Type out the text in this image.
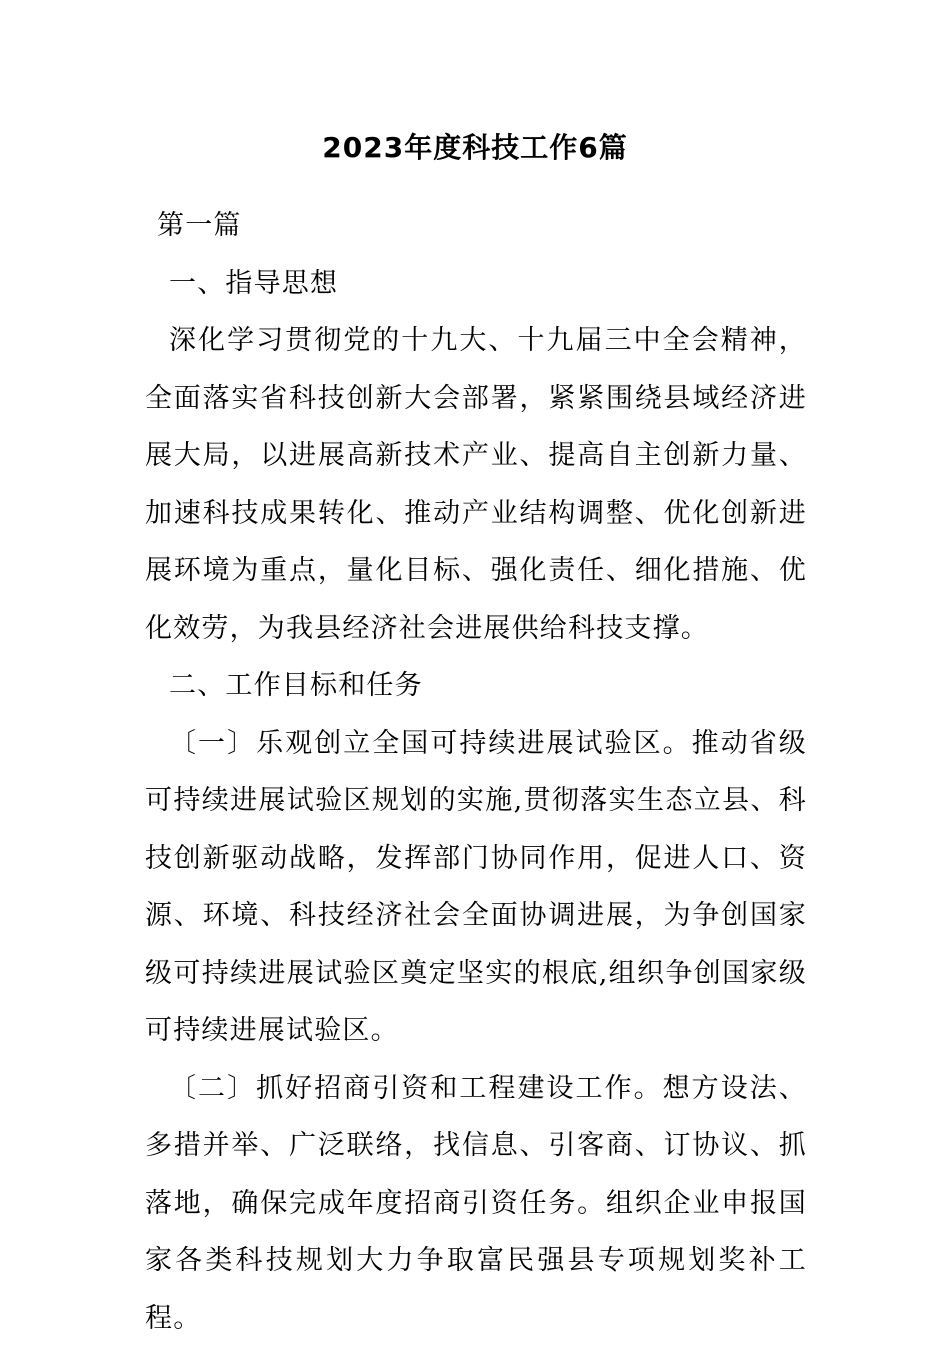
2023年度科技工作6篇

第一篇

一、指导思想

深化学习贯彻党的十九大、十九届三中全会精神，全面落实省科技创新大会部署，紧紧围绕县域经济进展大局，以进展高新技术产业、提高自主创新力量、加速科技成果转化、推动产业结构调整、优化创新进展环境为重点，量化目标、强化责任、细化措施、优化效劳，为我县经济社会进展供给科技支撑。

二、工作目标和任务

〔一〕乐观创立全国可持续进展试验区。推动省级可持续进展试验区规划的实施,贯彻落实生态立县、科技创新驱动战略，发挥部门协同作用，促进人口、资源、环境、科技经济社会全面协调进展，为争创国家级可持续进展试验区奠定坚实的根底,组织争创国家级可持续进展试验区。

〔二〕抓好招商引资和工程建设工作。想方设法、多措并举、广泛联络，找信息、引客商、订协议、抓落地，确保完成年度招商引资任务。组织企业申报国家各类科技规划大力争取富民强县专项规划奖补工程。
